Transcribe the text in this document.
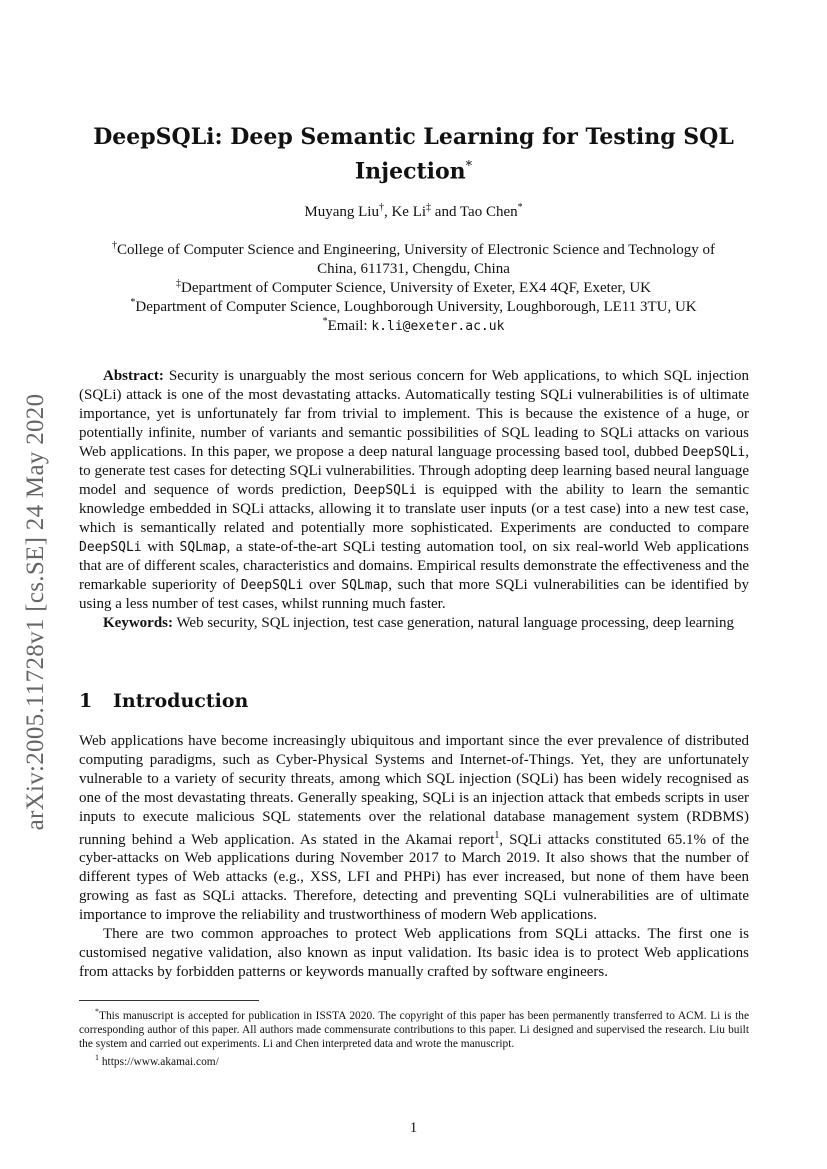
arXiv:2005.11728v1 [cs.SE] 24 May 2020
DeepSQLi: Deep Semantic Learning for Testing SQL
Injection*
Muyang Liu†, Ke Li‡ and Tao Chen*
†College of Computer Science and Engineering, University of Electronic Science and Technology of
China, 611731, Chengdu, China
‡Department of Computer Science, University of Exeter, EX4 4QF, Exeter, UK
*Department of Computer Science, Loughborough University, Loughborough, LE11 3TU, UK
*Email: k.li@exeter.ac.uk

Abstract: Security is unarguably the most serious concern for Web applications, to which SQL injection (SQLi) attack is one of the most devastating attacks. Automatically testing SQLi vulnerabilities is of ultimate importance, yet is unfortunately far from trivial to implement. This is because the existence of a huge, or potentially infinite, number of variants and semantic possibilities of SQL leading to SQLi attacks on various Web applications. In this paper, we propose a deep natural language processing based tool, dubbed DeepSQLi, to generate test cases for detecting SQLi vulnerabilities. Through adopting deep learning based neural language model and sequence of words prediction, DeepSQLi is equipped with the ability to learn the semantic knowledge embedded in SQLi attacks, allowing it to translate user inputs (or a test case) into a new test case, which is semantically related and potentially more sophisticated. Experiments are conducted to compare DeepSQLi with SQLmap, a state-of-the-art SQLi testing automation tool, on six real-world Web applications that are of different scales, characteristics and domains. Empirical results demonstrate the effectiveness and the remarkable superiority of DeepSQLi over SQLmap, such that more SQLi vulnerabilities can be identified by using a less number of test cases, whilst running much faster.

Keywords: Web security, SQL injection, test case generation, natural language processing, deep learning

1 Introduction

Web applications have become increasingly ubiquitous and important since the ever prevalence of distributed computing paradigms, such as Cyber-Physical Systems and Internet-of-Things. Yet, they are unfortunately vulnerable to a variety of security threats, among which SQL injection (SQLi) has been widely recognised as one of the most devastating threats. Generally speaking, SQLi is an injection attack that embeds scripts in user inputs to execute malicious SQL statements over the relational database management system (RDBMS) running behind a Web application. As stated in the Akamai report$^1$, SQLi attacks constituted 65.1% of the cyber-attacks on Web applications during November 2017 to March 2019. It also shows that the number of different types of Web attacks (e.g., XSS, LFI and PHPi) has ever increased, but none of them have been growing as fast as SQLi attacks. Therefore, detecting and preventing SQLi vulnerabilities are of ultimate importance to improve the reliability and trustworthiness of modern Web applications.

There are two common approaches to protect Web applications from SQLi attacks. The first one is customised negative validation, also known as input validation. Its basic idea is to protect Web applications from attacks by forbidden patterns or keywords manually crafted by software engineers.

*This manuscript is accepted for publication in ISSTA 2020. The copyright of this paper has been permanently transferred to ACM. Li is the corresponding author of this paper. All authors made commensurate contributions to this paper. Li designed and supervised the research. Liu built the system and carried out experiments. Li and Chen interpreted data and wrote the manuscript.

$^1$ https://www.akamai.com/

1
